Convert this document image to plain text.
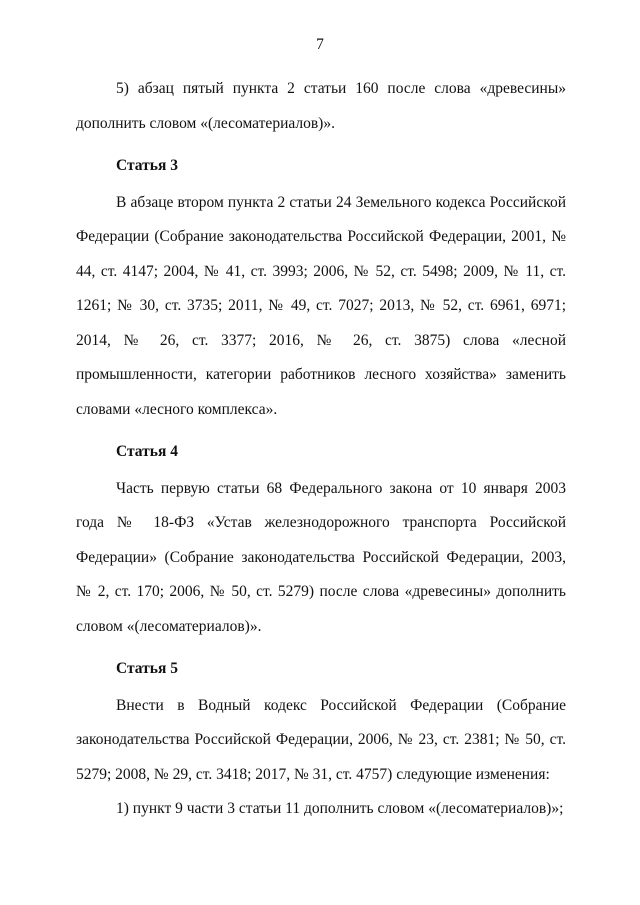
7

5) абзац пятый пункта 2 статьи 160 после слова «древесины» дополнить словом «(лесоматериалов)».

Статья 3

В абзаце втором пункта 2 статьи 24 Земельного кодекса Российской Федерации (Собрание законодательства Российской Федерации, 2001, № 44, ст. 4147; 2004, № 41, ст. 3993; 2006, № 52, ст. 5498; 2009, № 11, ст. 1261; № 30, ст. 3735; 2011, № 49, ст. 7027; 2013, № 52, ст. 6961, 6971; 2014, № 26, ст. 3377; 2016, № 26, ст. 3875) слова «лесной промышленности, категории работников лесного хозяйства» заменить словами «лесного комплекса».

Статья 4

Часть первую статьи 68 Федерального закона от 10 января 2003 года № 18-ФЗ «Устав железнодорожного транспорта Российской Федерации» (Собрание законодательства Российской Федерации, 2003, № 2, ст. 170; 2006, № 50, ст. 5279) после слова «древесины» дополнить словом «(лесоматериалов)».

Статья 5

Внести в Водный кодекс Российской Федерации (Собрание законодательства Российской Федерации, 2006, № 23, ст. 2381; № 50, ст. 5279; 2008, № 29, ст. 3418; 2017, № 31, ст. 4757) следующие изменения:

1) пункт 9 части 3 статьи 11 дополнить словом «(лесоматериалов)»;
